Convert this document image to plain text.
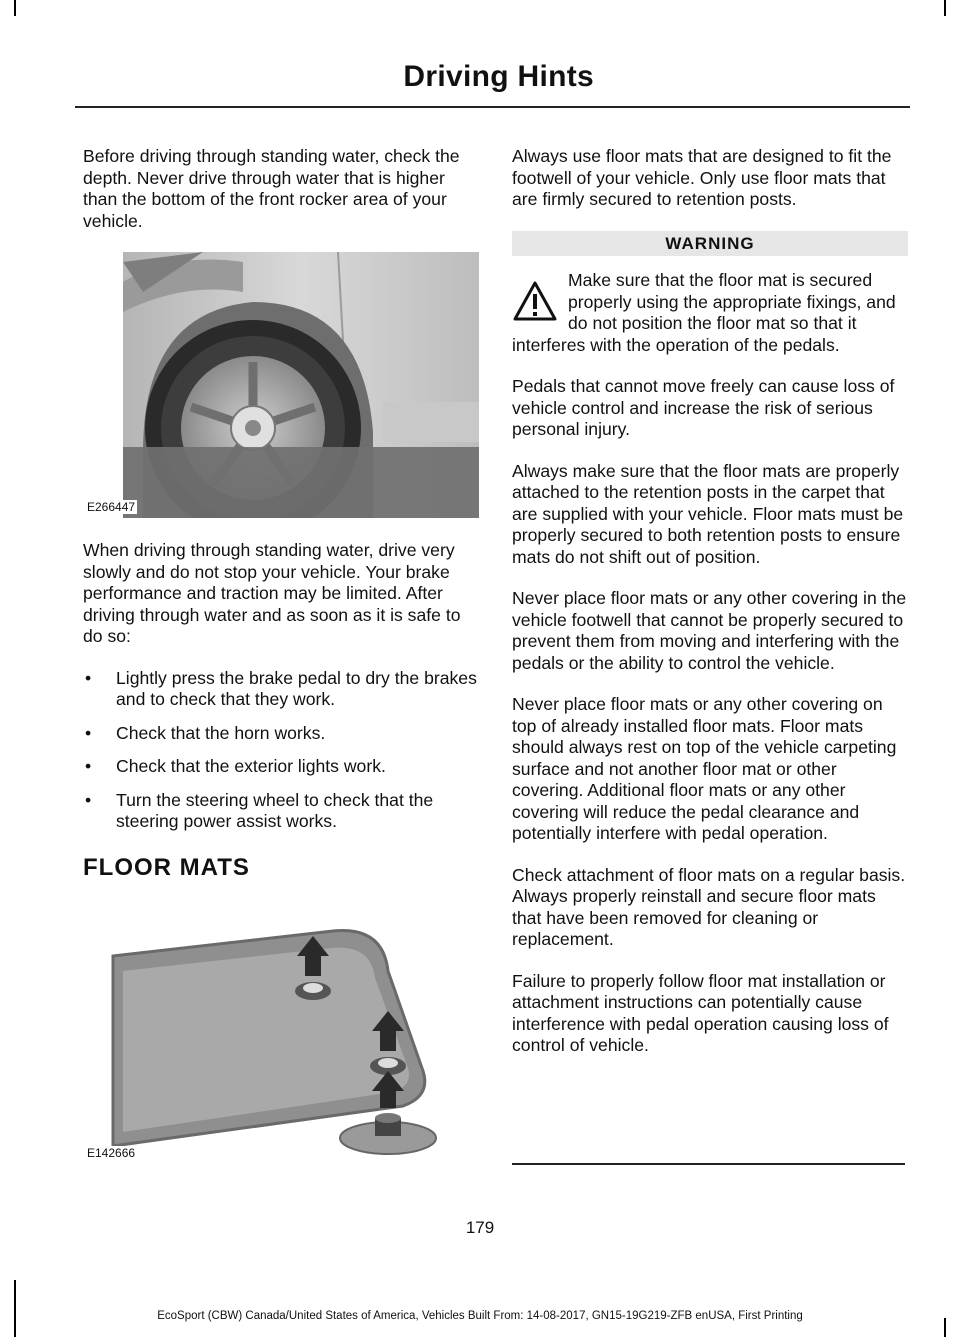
Driving Hints

Before driving through standing water, check the depth. Never drive through water that is higher than the bottom of the front rocker area of your vehicle.

E266447

When driving through standing water, drive very slowly and do not stop your vehicle. Your brake performance and traction may be limited. After driving through water and as soon as it is safe to do so:

• Lightly press the brake pedal to dry the brakes and to check that they work.
• Check that the horn works.
• Check that the exterior lights work.
• Turn the steering wheel to check that the steering power assist works.
FLOOR MATS
E142666

Always use floor mats that are designed to fit the footwell of your vehicle. Only use floor mats that are firmly secured to retention posts.

WARNING
Make sure that the floor mat is secured properly using the appropriate fixings, and do not position the floor mat so that it interferes with the operation of the pedals.

Pedals that cannot move freely can cause loss of vehicle control and increase the risk of serious personal injury.

Always make sure that the floor mats are properly attached to the retention posts in the carpet that are supplied with your vehicle. Floor mats must be properly secured to both retention posts to ensure mats do not shift out of position.

Never place floor mats or any other covering in the vehicle footwell that cannot be properly secured to prevent them from moving and interfering with the pedals or the ability to control the vehicle.

Never place floor mats or any other covering on top of already installed floor mats. Floor mats should always rest on top of the vehicle carpeting surface and not another floor mat or other covering. Additional floor mats or any other covering will reduce the pedal clearance and potentially interfere with pedal operation.

Check attachment of floor mats on a regular basis. Always properly reinstall and secure floor mats that have been removed for cleaning or replacement.

Failure to properly follow floor mat installation or attachment instructions can potentially cause interference with pedal operation causing loss of control of vehicle.

179
EcoSport (CBW) Canada/United States of America, Vehicles Built From: 14-08-2017, GN15-19G219-ZFB enUSA, First Printing
